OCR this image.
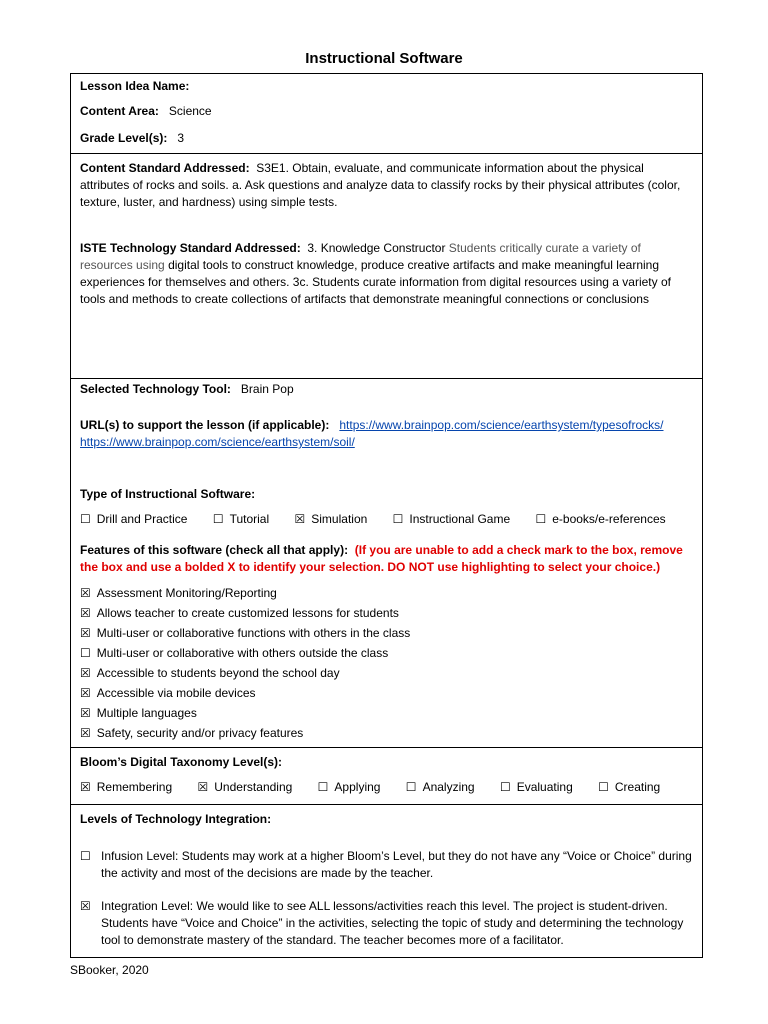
Instructional Software
Lesson Idea Name:
Content Area: Science
Grade Level(s): 3
Content Standard Addressed: S3E1. Obtain, evaluate, and communicate information about the physical attributes of rocks and soils. a. Ask questions and analyze data to classify rocks by their physical attributes (color, texture, luster, and hardness) using simple tests.
ISTE Technology Standard Addressed: 3. Knowledge Constructor Students critically curate a variety of resources using digital tools to construct knowledge, produce creative artifacts and make meaningful learning experiences for themselves and others. 3c. Students curate information from digital resources using a variety of tools and methods to create collections of artifacts that demonstrate meaningful connections or conclusions
Selected Technology Tool: Brain Pop
URL(s) to support the lesson (if applicable): https://www.brainpop.com/science/earthsystem/typesofrocks/
https://www.brainpop.com/science/earthsystem/soil/
Type of Instructional Software:
☐ Drill and Practice ☐ Tutorial ☒ Simulation ☐ Instructional Game ☐ e-books/e-references
Features of this software (check all that apply): (If you are unable to add a check mark to the box, remove the box and use a bolded X to identify your selection. DO NOT use highlighting to select your choice.)
☒ Assessment Monitoring/Reporting
☒ Allows teacher to create customized lessons for students
☒ Multi-user or collaborative functions with others in the class
☐ Multi-user or collaborative with others outside the class
☒ Accessible to students beyond the school day
☒ Accessible via mobile devices
☒ Multiple languages
☒ Safety, security and/or privacy features
Bloom’s Digital Taxonomy Level(s):
☒ Remembering ☒ Understanding ☐ Applying ☐ Analyzing ☐ Evaluating ☐ Creating
Levels of Technology Integration:
☐ Infusion Level: Students may work at a higher Bloom’s Level, but they do not have any “Voice or Choice” during the activity and most of the decisions are made by the teacher.
☒ Integration Level: We would like to see ALL lessons/activities reach this level. The project is student-driven. Students have “Voice and Choice” in the activities, selecting the topic of study and determining the technology tool to demonstrate mastery of the standard. The teacher becomes more of a facilitator.
SBooker, 2020
